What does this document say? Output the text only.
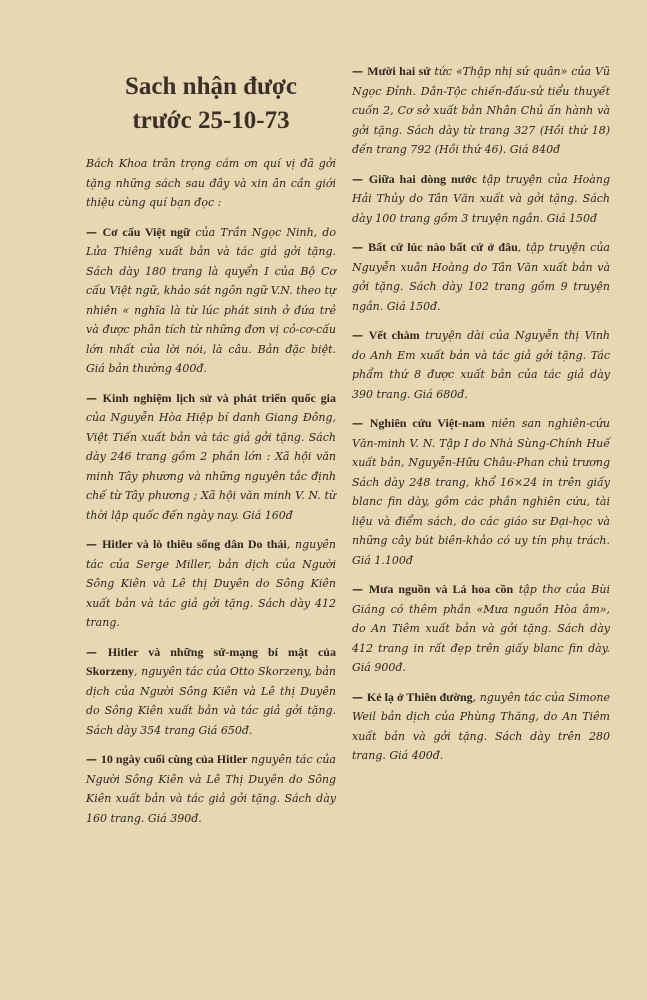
Sach nhận được
trước 25-10-73

Bách Khoa trân trọng cám ơn quí vị đã gởi tặng những sách sau đây và xin ân cần giới thiệu cùng quí bạn đọc :

— Cơ cấu Việt ngữ của Trần Ngọc Ninh, do Lửa Thiêng xuất bản và tác giả gởi tặng. Sách dày 180 trang là quyển I của Bộ Cơ cấu Việt ngữ, khảo sát ngôn ngữ V.N. theo tự nhiên « nghĩa là từ lúc phát sinh ở đứa trẻ và được phân tích từ những đơn vị cỏ-cơ-cấu lớn nhất của lời nói, là câu. Bản đặc biệt. Giá bản thường 400đ.

— Kinh nghiệm lịch sử và phát triển quốc gia của Nguyễn Hòa Hiệp bí danh Giang Đông, Việt Tiến xuất bản và tác giả gởi tặng. Sách dày 246 trang gồm 2 phần lớn : Xã hội văn minh Tây phương và những nguyên tắc định chế từ Tây phương ; Xã hội văn minh V. N. từ thời lập quốc đến ngày nay. Giá 160đ

— Hitler và lò thiêu sống dân Do thái, nguyên tác của Serge Miller, bản dịch của Người Sông Kiên và Lê thị Duyên do Sông Kiên xuất bản và tác giả gởi tặng. Sách dày 412 trang.

— Hitler và những sứ-mạng bí mật của Skorzeny, nguyên tác của Otto Skorzeny, bản dịch của Người Sông Kiên và Lê thị Duyên do Sông Kiên xuất bản và tác giả gởi tặng. Sách dày 354 trang Giá 650đ.

— 10 ngày cuối cùng của Hitler nguyên tác của Người Sông Kiên và Lê Thị Duyên do Sông Kiên xuất bản và tác giả gởi tặng. Sách dày 160 trang. Giá 390đ.

— Mười hai sứ tức «Thập nhị sứ quân» của Vũ Ngọc Đỉnh. Dân-Tộc chiến-đấu-sử tiểu thuyết cuốn 2, Cơ sở xuất bản Nhân Chủ ấn hành và gởi tặng. Sách dày từ trang 327 (Hồi thứ 18) đến trang 792 (Hồi thứ 46). Giá 840đ

— Giữa hai dòng nước tập truyện của Hoàng Hải Thủy do Tân Văn xuất và gởi tặng. Sách dày 100 trang gồm 3 truyện ngắn. Giá 150đ

— Bất cứ lúc nào bất cứ ở đâu, tập truyện của Nguyễn xuân Hoàng do Tân Văn xuất bản và gởi tặng. Sách dày 102 trang gồm 9 truyện ngắn. Giá 150đ.

— Vết chàm truyện dài của Nguyễn thị Vinh do Anh Em xuất bản và tác giả gởi tặng. Tác phẩm thứ 8 được xuất bản của tác giả dày 390 trang. Giá 680đ.

— Nghiên cứu Việt-nam niên san nghiên-cứu Văn-minh V. N. Tập I do Nhà Sùng-Chính Huế xuất bản, Nguyễn-Hữu Châu-Phan chủ trương Sách dày 248 trang, khổ 16×24 in trên giấy blanc fin dày, gồm các phần nghiên cứu, tài liệu và điểm sách, do các giáo sư Đại-học và những cây bút biên-khảo có uy tín phụ trách. Giá 1.100đ

— Mưa nguồn và Lá hoa cồn tập thơ của Bùi Giáng có thêm phần «Mưa nguồn Hòa âm», do An Tiêm xuất bản và gởi tặng. Sách dày 412 trang in rất đẹp trên giấy blanc fin dày. Giá 900đ.

— Kẻ lạ ở Thiên đường, nguyên tác của Simone Weil bản dịch của Phùng Thăng, do An Tiêm xuất bản và gởi tặng. Sách dày trên 280 trang. Giá 400đ.
